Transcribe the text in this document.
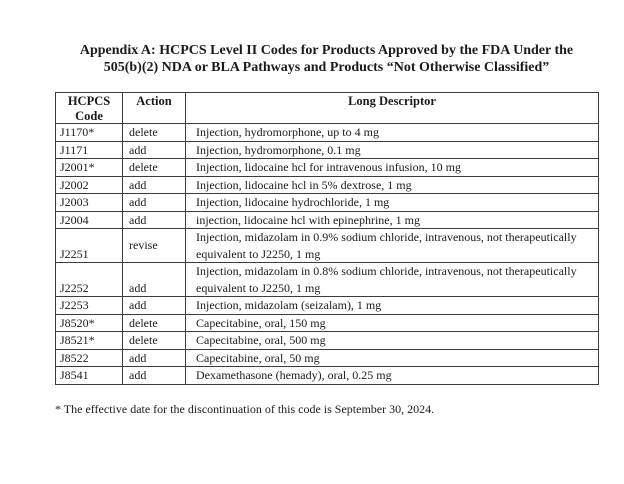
Appendix A: HCPCS Level II Codes for Products Approved by the FDA Under the
505(b)(2) NDA or BLA Pathways and Products “Not Otherwise Classified”
HCPCS Code	Action	Long Descriptor
J1170*	delete	Injection, hydromorphone, up to 4 mg
J1171	add	Injection, hydromorphone, 0.1 mg
J2001*	delete	Injection, lidocaine hcl for intravenous infusion, 10 mg
J2002	add	Injection, lidocaine hcl in 5% dextrose, 1 mg
J2003	add	Injection, lidocaine hydrochloride, 1 mg
J2004	add	injection, lidocaine hcl with epinephrine, 1 mg
J2251	revise	Injection, midazolam in 0.9% sodium chloride, intravenous, not therapeutically equivalent to J2250, 1 mg
J2252	add	Injection, midazolam in 0.8% sodium chloride, intravenous, not therapeutically equivalent to J2250, 1 mg
J2253	add	Injection, midazolam (seizalam), 1 mg
J8520*	delete	Capecitabine, oral, 150 mg
J8521*	delete	Capecitabine, oral, 500 mg
J8522	add	Capecitabine, oral, 50 mg
J8541	add	Dexamethasone (hemady), oral, 0.25 mg
* The effective date for the discontinuation of this code is September 30, 2024.
